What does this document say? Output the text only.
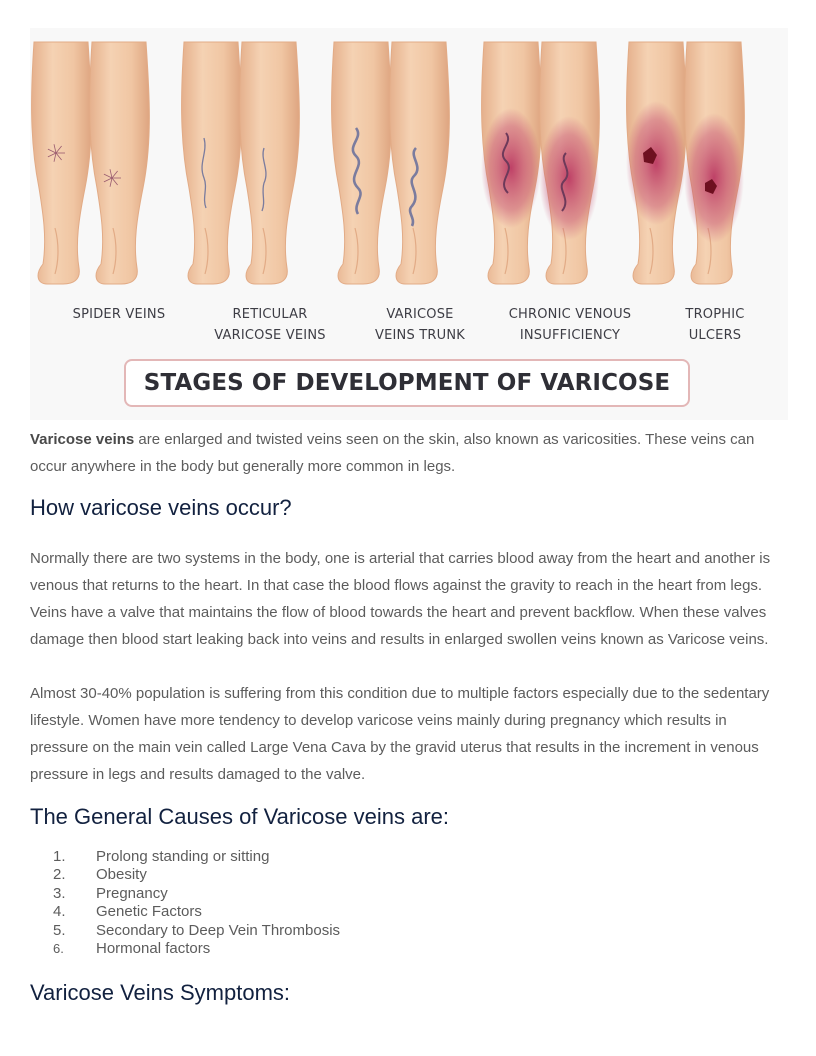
SPIDER VEINS	RETICULAR
VARICOSE VEINS
VARICOSE
VEINS TRUNK
CHRONIC VENOUS
INSUFFICIENCY
TROPHIC
ULCERS
STAGES OF DEVELOPMENT OF VARICOSE

Varicose veins are enlarged and twisted veins seen on the skin, also known as varicosities. These veins can occur anywhere in the body but generally more common in legs.

How varicose veins occur?

Normally there are two systems in the body, one is arterial that carries blood away from the heart and another is venous that returns to the heart. In that case the blood flows against the gravity to reach in the heart from legs. Veins have a valve that maintains the flow of blood towards the heart and prevent backflow. When these valves damage then blood start leaking back into veins and results in enlarged swollen veins known as Varicose veins.

Almost 30-40% population is suffering from this condition due to multiple factors especially due to the sedentary lifestyle. Women have more tendency to develop varicose veins mainly during pregnancy which results in pressure on the main vein called Large Vena Cava by the gravid uterus that results in the increment in venous pressure in legs and results damaged to the valve.

The General Causes of Varicose veins are:
1.	Prolong standing or sitting
2.	Obesity
3.	Pregnancy
4.	Genetic Factors
5.	Secondary to Deep Vein Thrombosis
6.	Hormonal factors
Varicose Veins Symptoms:
